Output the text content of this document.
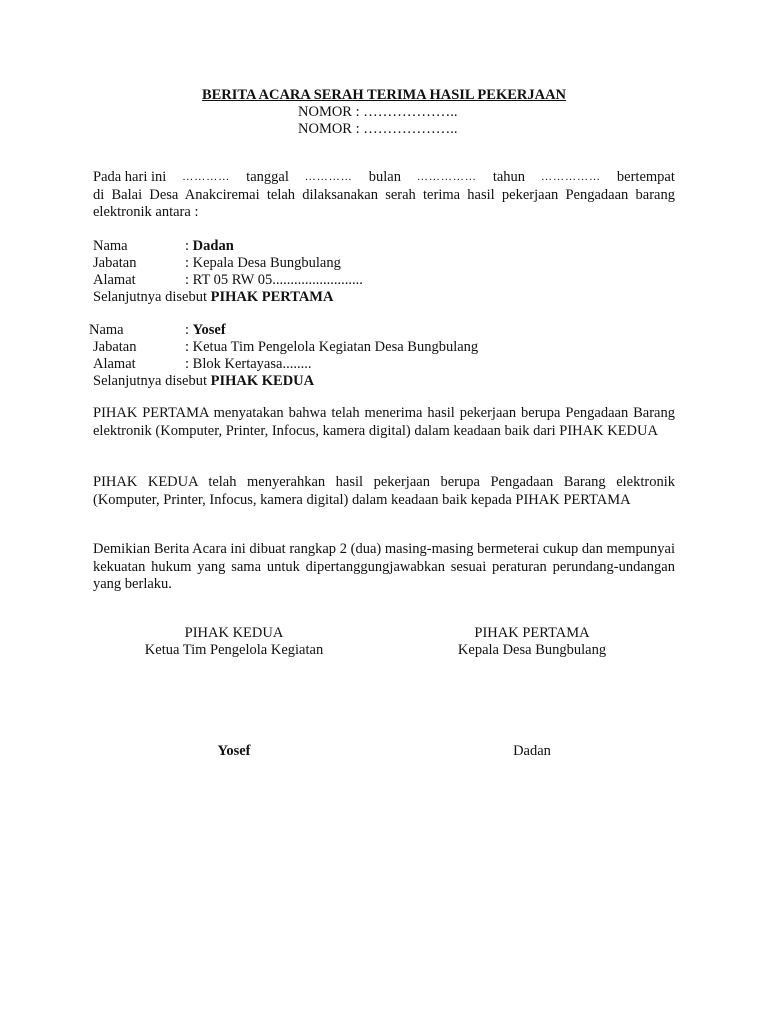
BERITA ACARA SERAH TERIMA HASIL PEKERJAAN
NOMOR : ………………..
NOMOR : ………………..
Pada hari ini ………… tanggal ………… bulan …………… tahun …………… bertempat
di Balai Desa Anakciremai telah dilaksanakan serah terima hasil pekerjaan Pengadaan barang elektronik antara :
Nama	: Dadan
Jabatan	: Kepala Desa Bungbulang
Alamat	: RT 05 RW 05.........................
Selanjutnya disebut PIHAK PERTAMA
Nama	: Yosef
Jabatan	: Ketua Tim Pengelola Kegiatan Desa Bungbulang
Alamat	: Blok Kertayasa........
Selanjutnya disebut PIHAK KEDUA
PIHAK PERTAMA menyatakan bahwa telah menerima hasil pekerjaan berupa Pengadaan Barang elektronik (Komputer, Printer, Infocus, kamera digital) dalam keadaan baik dari PIHAK KEDUA
PIHAK KEDUA telah menyerahkan hasil pekerjaan berupa Pengadaan Barang elektronik (Komputer, Printer, Infocus, kamera digital) dalam keadaan baik kepada PIHAK PERTAMA
Demikian Berita Acara ini dibuat rangkap 2 (dua) masing-masing bermeterai cukup dan mempunyai kekuatan hukum yang sama untuk dipertanggungjawabkan sesuai peraturan perundang-undangan yang berlaku.
PIHAK KEDUA
Ketua Tim Pengelola Kegiatan
PIHAK PERTAMA
Kepala Desa Bungbulang
Yosef	Dadan
